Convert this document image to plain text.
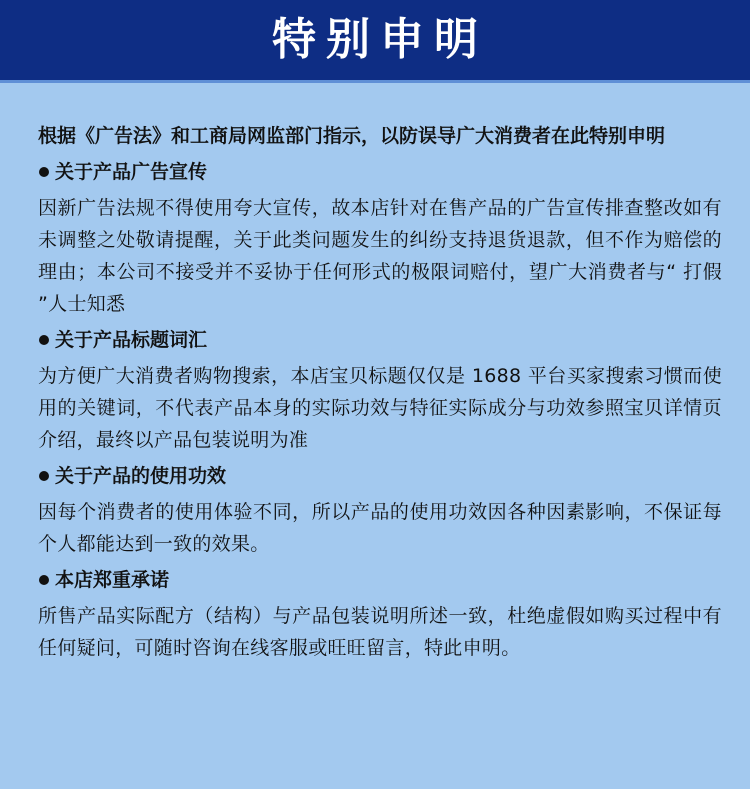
特别申明

根据《广告法》和工商局网监部门指示，以防误导广大消费者在此特别申明

关于产品广告宣传

因新广告法规不得使用夸大宣传，故本店针对在售产品的广告宣传排查整改如有未调整之处敬请提醒，关于此类问题发生的纠纷支持退货退款，但不作为赔偿的理由；本公司不接受并不妥协于任何形式的极限词赔付，望广大消费者与“ 打假 ”人士知悉

关于产品标题词汇

为方便广大消费者购物搜索，本店宝贝标题仅仅是 1688 平台买家搜索习惯而使用的关键词，不代表产品本身的实际功效与特征实际成分与功效参照宝贝详情页介绍，最终以产品包装说明为准

关于产品的使用功效

因每个消费者的使用体验不同，所以产品的使用功效因各种因素影响，不保证每个人都能达到一致的效果。

本店郑重承诺

所售产品实际配方（结构）与产品包装说明所述一致，杜绝虚假如购买过程中有任何疑问，可随时咨询在线客服或旺旺留言，特此申明。
